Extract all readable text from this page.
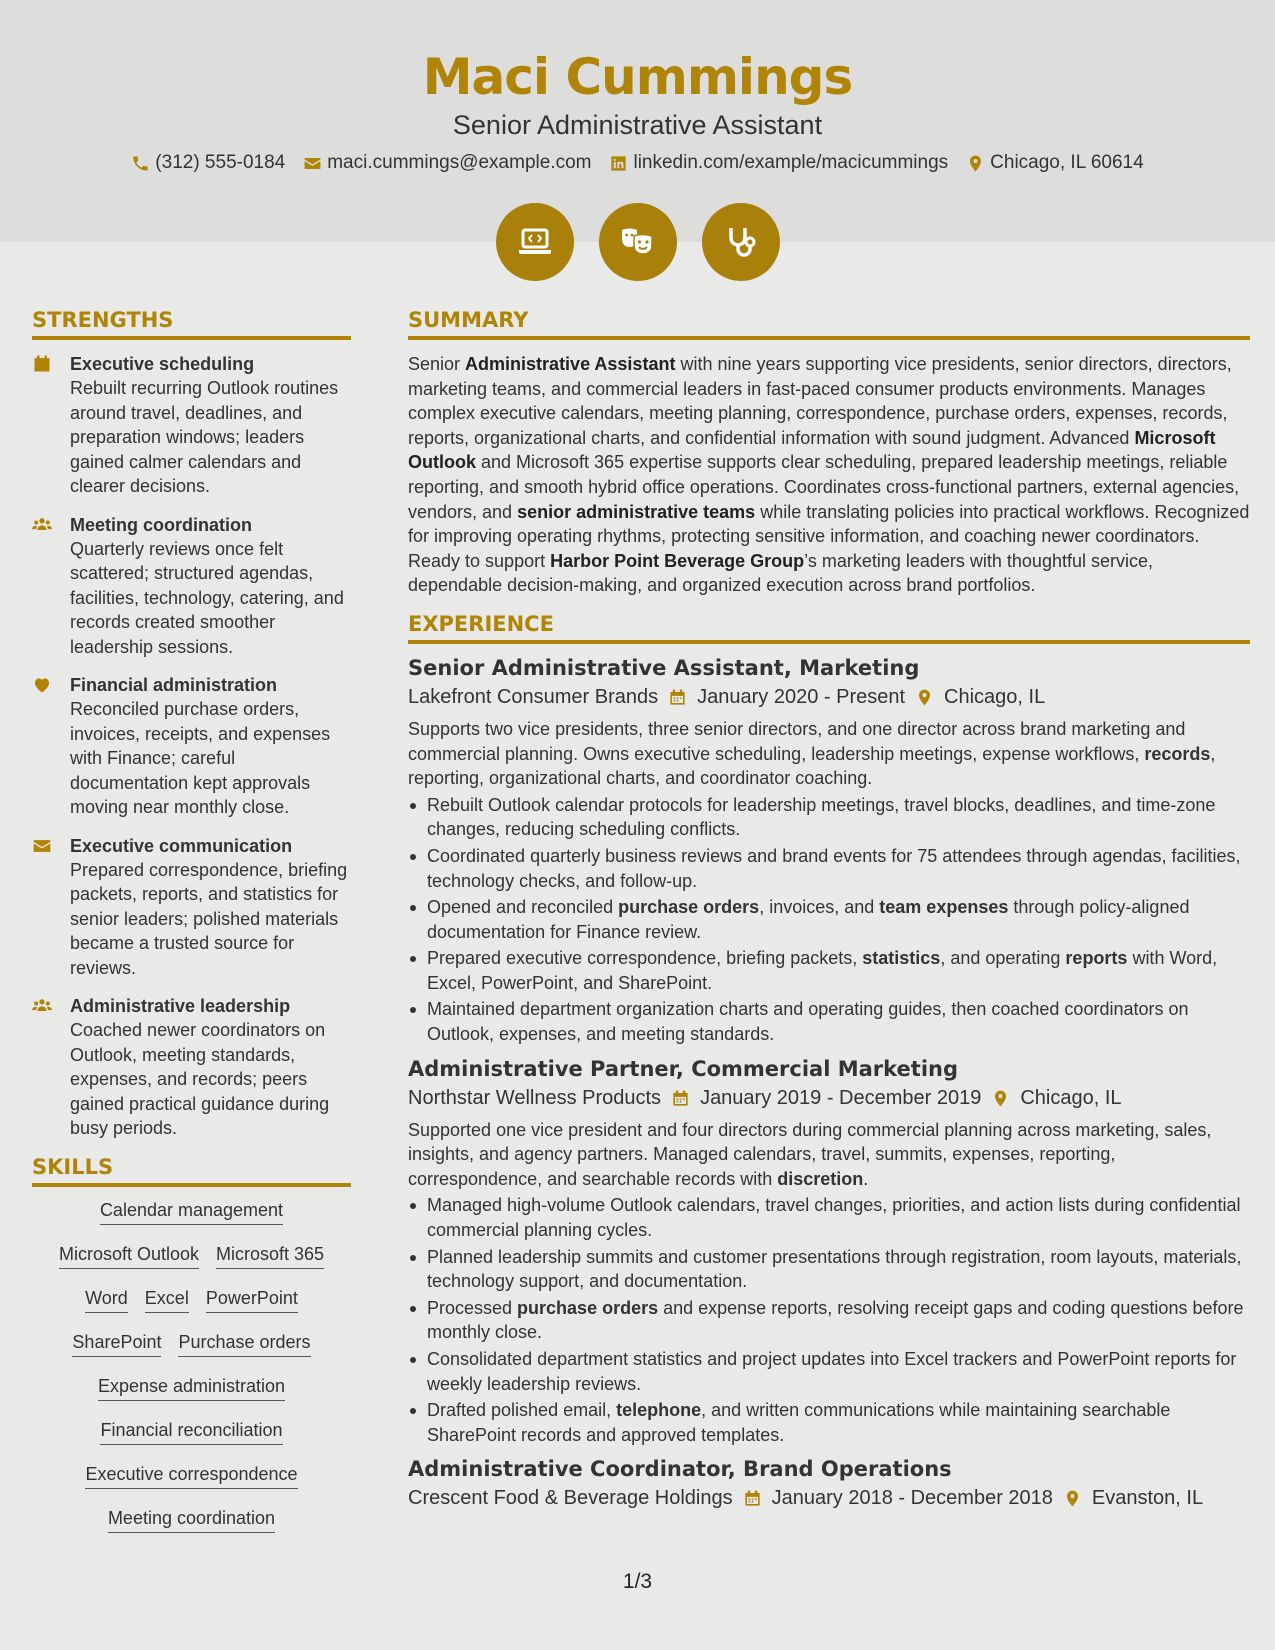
Maci Cummings
Senior Administrative Assistant
(312) 555-0184 maci.cummings@example.com linkedin.com/example/macicummings Chicago, IL 60614
STRENGTHS
Executive scheduling
Rebuilt recurring Outlook routines around travel, deadlines, and preparation windows; leaders gained calmer calendars and clearer decisions.
Meeting coordination
Quarterly reviews once felt scattered; structured agendas, facilities, technology, catering, and records created smoother leadership sessions.
Financial administration
Reconciled purchase orders, invoices, receipts, and expenses with Finance; careful documentation kept approvals moving near monthly close.
Executive communication
Prepared correspondence, briefing packets, reports, and statistics for senior leaders; polished materials became a trusted source for reviews.
Administrative leadership
Coached newer coordinators on Outlook, meeting standards, expenses, and records; peers gained practical guidance during busy periods.
SKILLS
Calendar management
Microsoft Outlook Microsoft 365
Word Excel PowerPoint
SharePoint Purchase orders
Expense administration
Financial reconciliation
Executive correspondence
Meeting coordination
SUMMARY
Senior Administrative Assistant with nine years supporting vice presidents, senior directors, directors, marketing teams, and commercial leaders in fast-paced consumer products environments. Manages complex executive calendars, meeting planning, correspondence, purchase orders, expenses, records, reports, organizational charts, and confidential information with sound judgment. Advanced Microsoft Outlook and Microsoft 365 expertise supports clear scheduling, prepared leadership meetings, reliable reporting, and smooth hybrid office operations. Coordinates cross-functional partners, external agencies, vendors, and senior administrative teams while translating policies into practical workflows. Recognized for improving operating rhythms, protecting sensitive information, and coaching newer coordinators. Ready to support Harbor Point Beverage Group’s marketing leaders with thoughtful service, dependable decision-making, and organized execution across brand portfolios.
EXPERIENCE
Senior Administrative Assistant, Marketing
Lakefront Consumer Brands January 2020 - Present Chicago, IL
Supports two vice presidents, three senior directors, and one director across brand marketing and commercial planning. Owns executive scheduling, leadership meetings, expense workflows, records, reporting, organizational charts, and coordinator coaching.
Rebuilt Outlook calendar protocols for leadership meetings, travel blocks, deadlines, and time-zone changes, reducing scheduling conflicts.
Coordinated quarterly business reviews and brand events for 75 attendees through agendas, facilities, technology checks, and follow-up.
Opened and reconciled purchase orders, invoices, and team expenses through policy-aligned documentation for Finance review.
Prepared executive correspondence, briefing packets, statistics, and operating reports with Word, Excel, PowerPoint, and SharePoint.
Maintained department organization charts and operating guides, then coached coordinators on Outlook, expenses, and meeting standards.
Administrative Partner, Commercial Marketing
Northstar Wellness Products January 2019 - December 2019 Chicago, IL
Supported one vice president and four directors during commercial planning across marketing, sales, insights, and agency partners. Managed calendars, travel, summits, expenses, reporting, correspondence, and searchable records with discretion.
Managed high-volume Outlook calendars, travel changes, priorities, and action lists during confidential commercial planning cycles.
Planned leadership summits and customer presentations through registration, room layouts, materials, technology support, and documentation.
Processed purchase orders and expense reports, resolving receipt gaps and coding questions before monthly close.
Consolidated department statistics and project updates into Excel trackers and PowerPoint reports for weekly leadership reviews.
Drafted polished email, telephone, and written communications while maintaining searchable SharePoint records and approved templates.
Administrative Coordinator, Brand Operations
Crescent Food & Beverage Holdings January 2018 - December 2018 Evanston, IL
1/3
